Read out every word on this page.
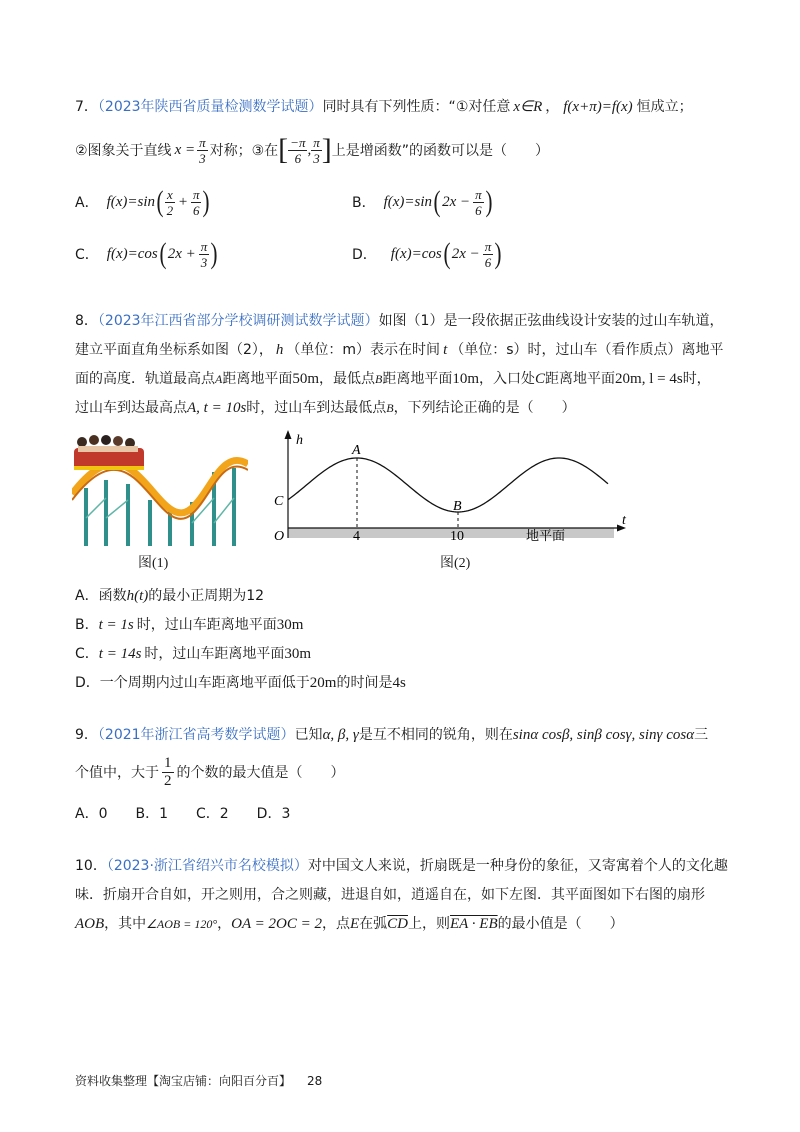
7．（2023年陕西省质量检测数学试题）同时具有下列性质：“①对任意 x∈R ， f(x+π)=f(x) 恒成立；
②图象关于直线 $x = \frac{\pi}{3}$ 对称；③在 [ $\frac{-\pi}{6}$ , $\frac{\pi}{3}$ ] 上是增函数”的函数可以是（　　）
A． f(x)=sin ( $\frac{x}{2} + \frac{\pi}{6}$ )	B． f(x)=sin ( $2x - \frac{\pi}{6}$ )
C． f(x)=cos ( $2x + \frac{\pi}{3}$ )	D． f(x)=cos ( $2x - \frac{\pi}{6}$ )
8．（2023年江西省部分学校调研测试数学试题）如图（1）是一段依据正弦曲线设计安装的过山车轨道，
建立平面直角坐标系如图（2）， h （单位：m）表示在时间 t （单位：s）时，过山车（看作质点）离地平
面的高度．轨道最高点A距离地平面50m，最低点B距离地平面10m，入口处C距离地平面20m, l = 4s时，
过山车到达最高点A, t = 10s时，过山车到达最低点B，下列结论正确的是（　　）
图(1)
h
t
O
A
B
C
4	10	地平面
图(2)
A．函数h(t)的最小正周期为12
B．t = 1s 时，过山车距离地平面30m
C．t = 14s 时，过山车距离地平面30m
D．一个周期内过山车距离地平面低于20m的时间是4s
9．（2021年浙江省高考数学试题）已知α, β, γ是互不相同的锐角，则在sinα cosβ, sinβ cosγ, sinγ cosα三
个值中，大于 $\frac{1}{2}$ 的个数的最大值是（　　）
A．0　　B．1　　C．2　　D．3
10．（2023·浙江省绍兴市名校模拟）对中国文人来说，折扇既是一种身份的象征，又寄寓着个人的文化趣
味．折扇开合自如，开之则用，合之则藏，进退自如，逍遥自在，如下左图．其平面图如下右图的扇形
AOB，其中∠AOB = 120°，OA = 2OC = 2，点E在弧$\overline{CD}$上，则EA · EB的最小值是（　　）
资料收集整理【淘宝店铺：向阳百分百】 28
